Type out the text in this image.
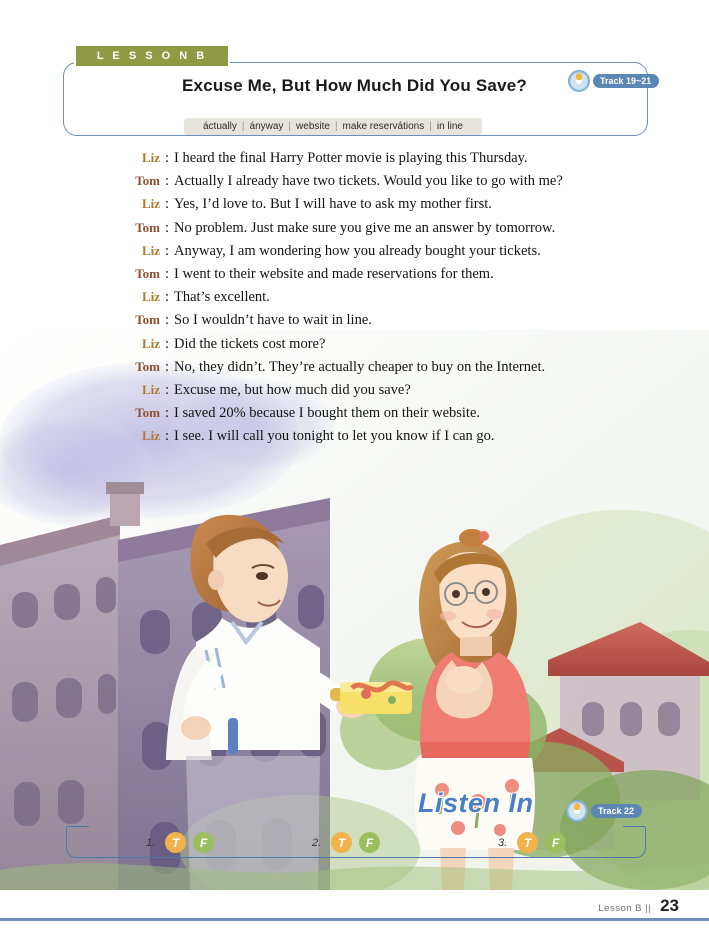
L E S S O N B
Excuse Me, But How Much Did You Save?	Track 19~21
áctually | ányway | website | make reservátions | in line
Liz : I heard the final Harry Potter movie is playing this Thursday.
Tom : Actually I already have two tickets. Would you like to go with me?
Liz : Yes, I’d love to. But I will have to ask my mother first.
Tom : No problem. Just make sure you give me an answer by tomorrow.
Liz : Anyway, I am wondering how you already bought your tickets.
Tom : I went to their website and made reservations for them.
Liz : That’s excellent.
Tom : So I wouldn’t have to wait in line.
Liz : Did the tickets cost more?
Tom : No, they didn’t. They’re actually cheaper to buy on the Internet.
Liz : Excuse me, but how much did you save?
Tom : I saved 20% because I bought them on their website.
Liz : I see. I will call you tonight to let you know if I can go.
Listen In	Track 22
1.	T	F	2.	T	F	3.	T	F
Lesson B || 23
